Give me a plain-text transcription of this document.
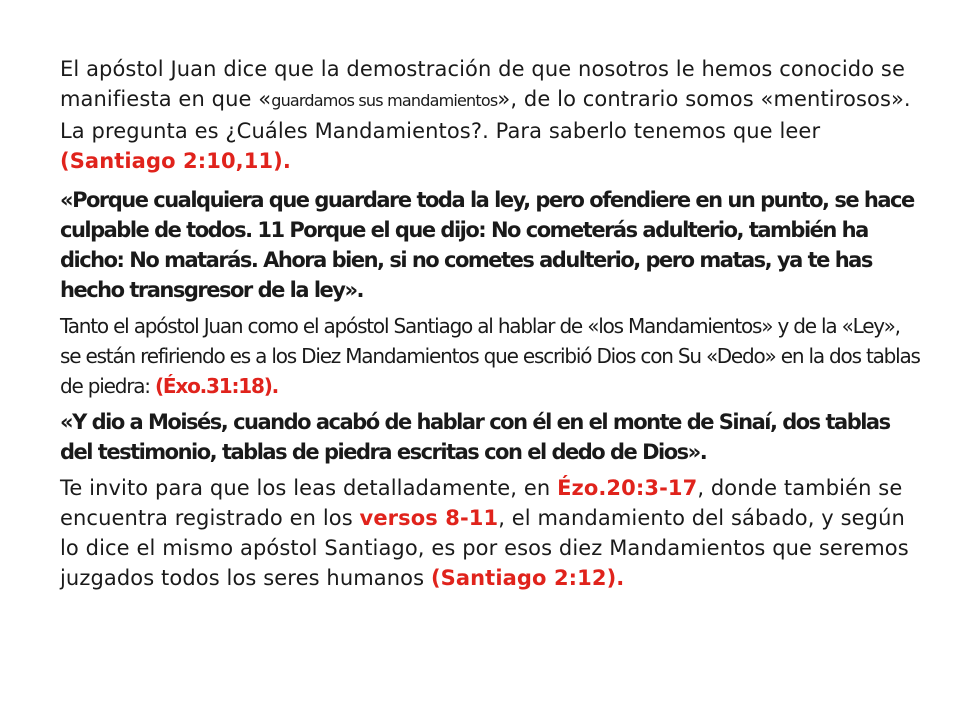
El apóstol Juan dice que la demostración de que nosotros le hemos conocido se manifiesta en que «guardamos sus mandamientos», de lo contrario somos «mentirosos». La pregunta es ¿Cuáles Mandamientos?. Para saberlo tenemos que leer (Santiago 2:10,11).

«Porque cualquiera que guardare toda la ley, pero ofendiere en un punto, se hace culpable de todos. 11 Porque el que dijo: No cometerás adulterio, también ha dicho: No matarás. Ahora bien, si no cometes adulterio, pero matas, ya te has hecho transgresor de la ley».

Tanto el apóstol Juan como el apóstol Santiago al hablar de «los Mandamientos» y de la «Ley», se están refiriendo es a los Diez Mandamientos que escribió Dios con Su «Dedo» en la dos tablas de piedra: (Éxo.31:18).

«Y dio a Moisés, cuando acabó de hablar con él en el monte de Sinaí, dos tablas del testimonio, tablas de piedra escritas con el dedo de Dios».

Te invito para que los leas detalladamente, en Ézo.20:3-17, donde también se encuentra registrado en los versos 8-11, el mandamiento del sábado, y según lo dice el mismo apóstol Santiago, es por esos diez Mandamientos que seremos juzgados todos los seres humanos (Santiago 2:12).
